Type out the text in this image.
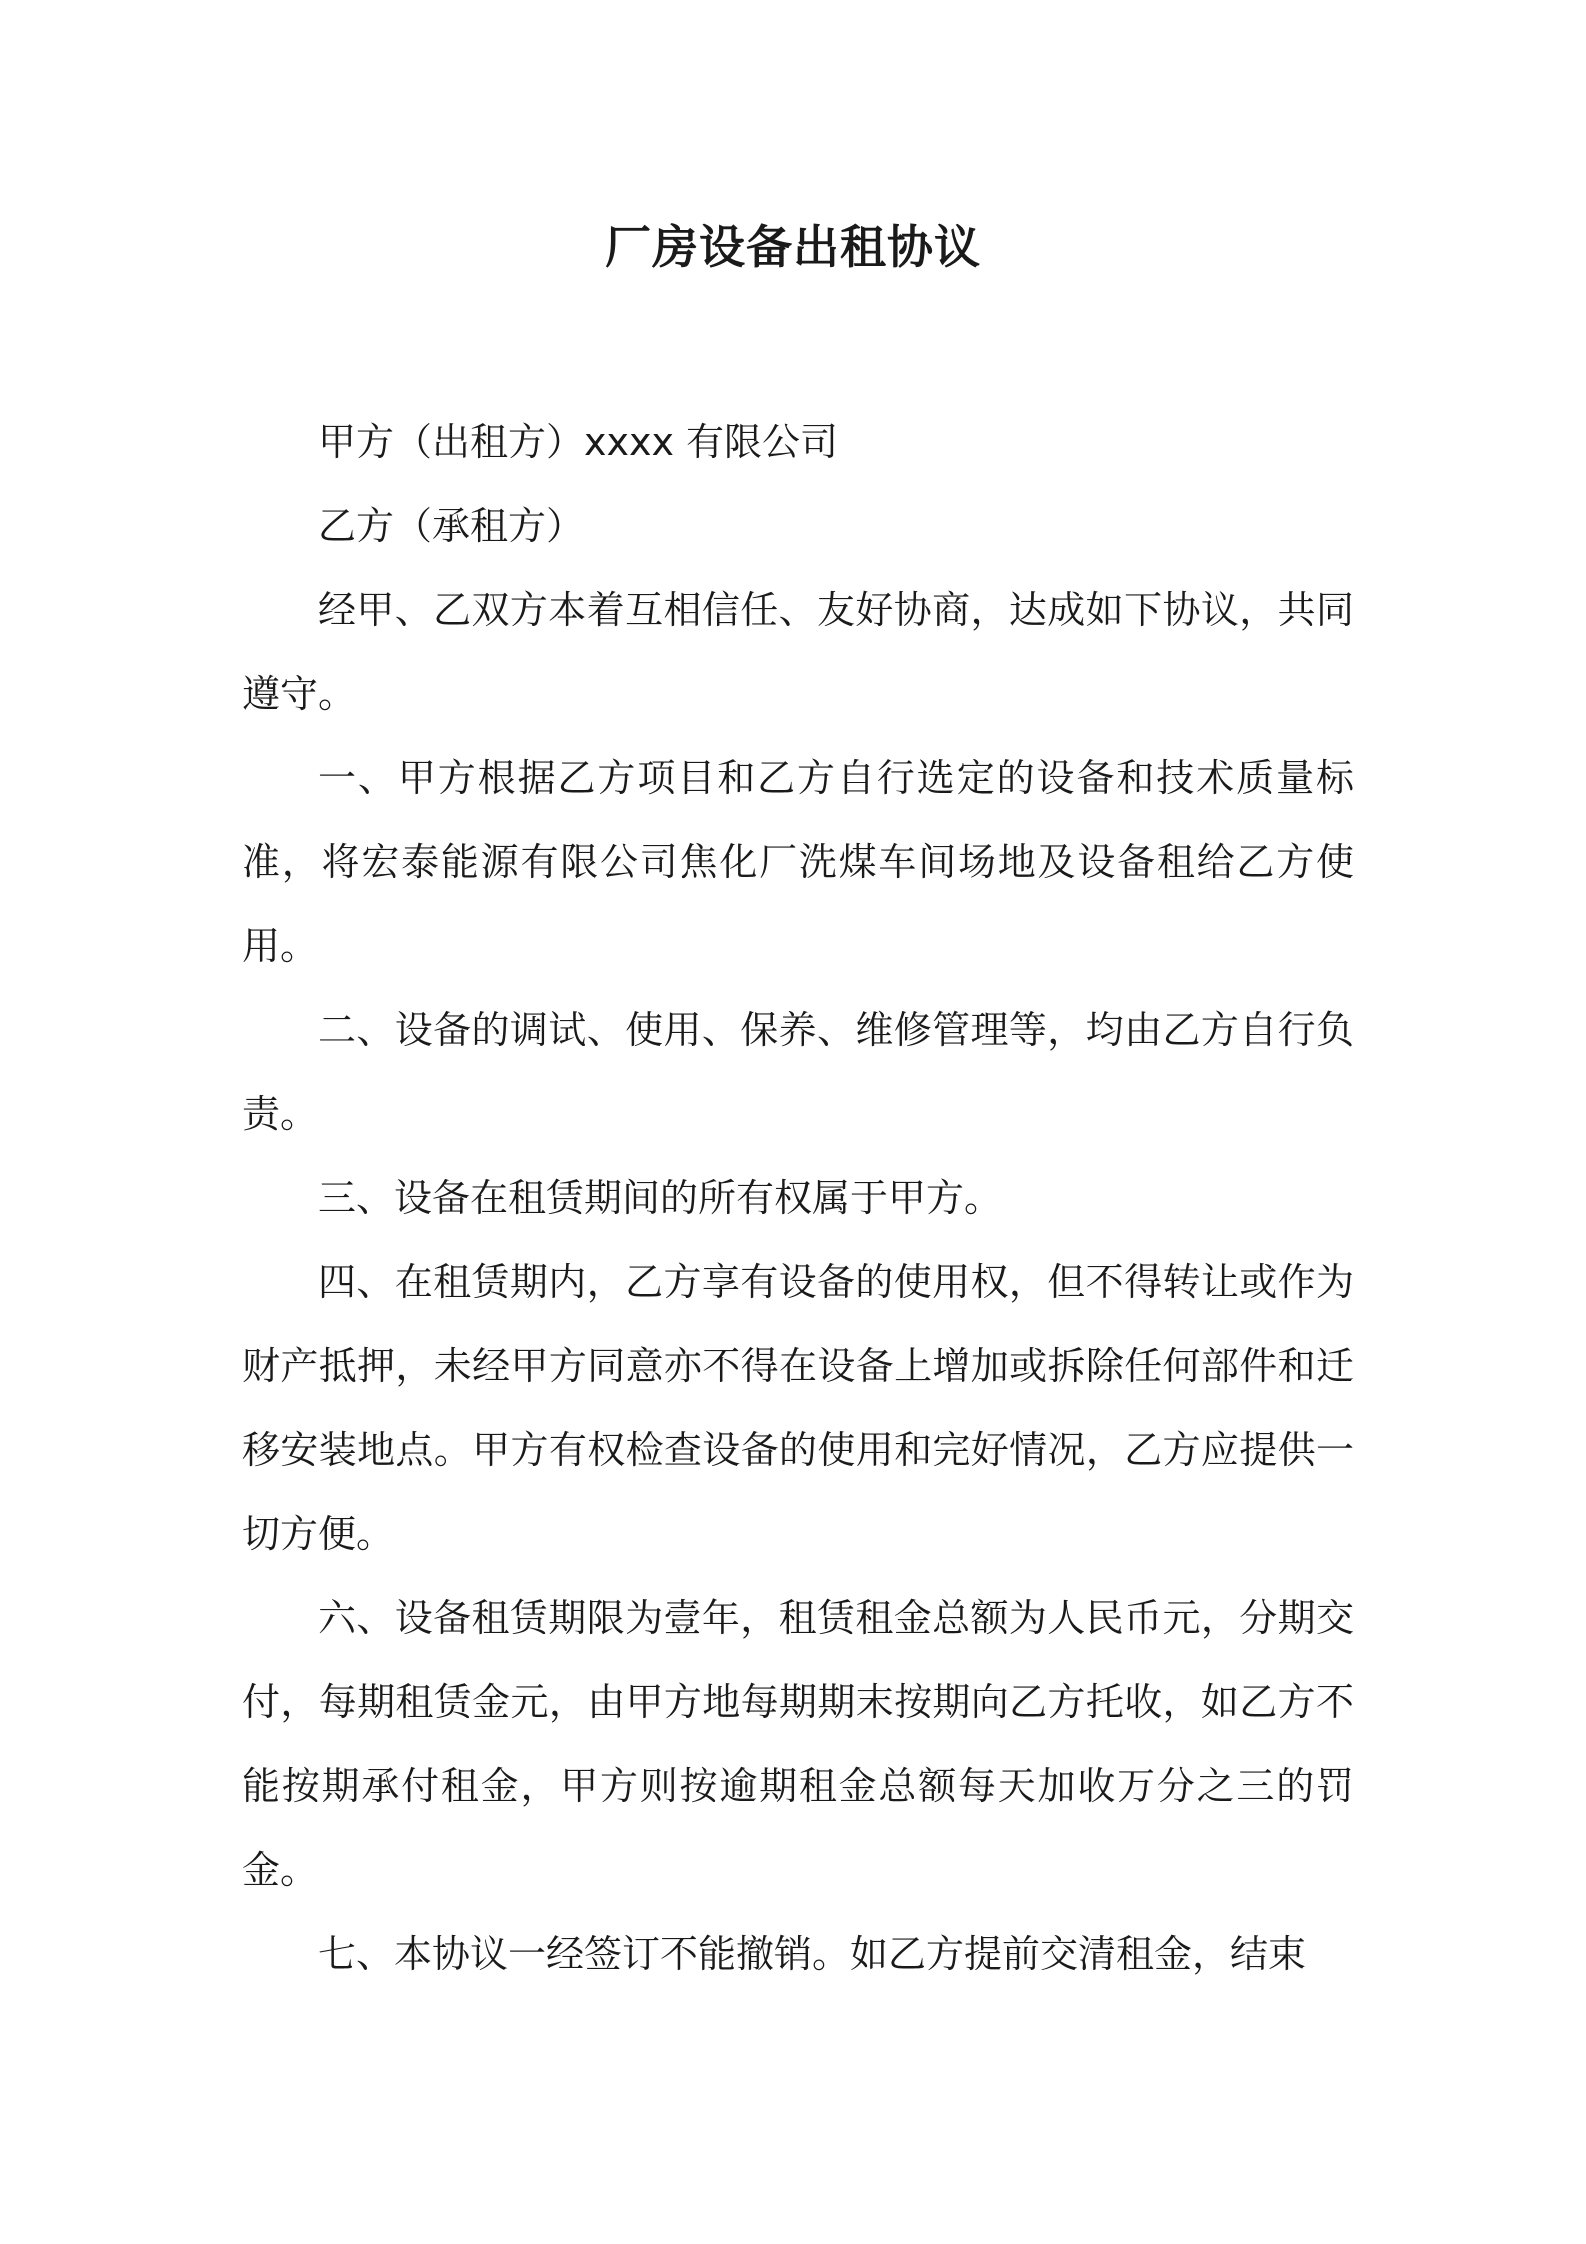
厂房设备出租协议

甲方（出租方）xxxx 有限公司

乙方（承租方）

经甲、乙双方本着互相信任、友好协商，达成如下协议，共同遵守。

一、甲方根据乙方项目和乙方自行选定的设备和技术质量标准，将宏泰能源有限公司焦化厂洗煤车间场地及设备租给乙方使用。

二、设备的调试、使用、保养、维修管理等，均由乙方自行负责。

三、设备在租赁期间的所有权属于甲方。

四、在租赁期内，乙方享有设备的使用权，但不得转让或作为财产抵押，未经甲方同意亦不得在设备上增加或拆除任何部件和迁移安装地点。甲方有权检查设备的使用和完好情况，乙方应提供一切方便。

六、设备租赁期限为壹年，租赁租金总额为人民币元，分期交付，每期租赁金元，由甲方地每期期末按期向乙方托收，如乙方不能按期承付租金，甲方则按逾期租金总额每天加收万分之三的罚金。

七、本协议一经签订不能撤销。如乙方提前交清租金，结束
